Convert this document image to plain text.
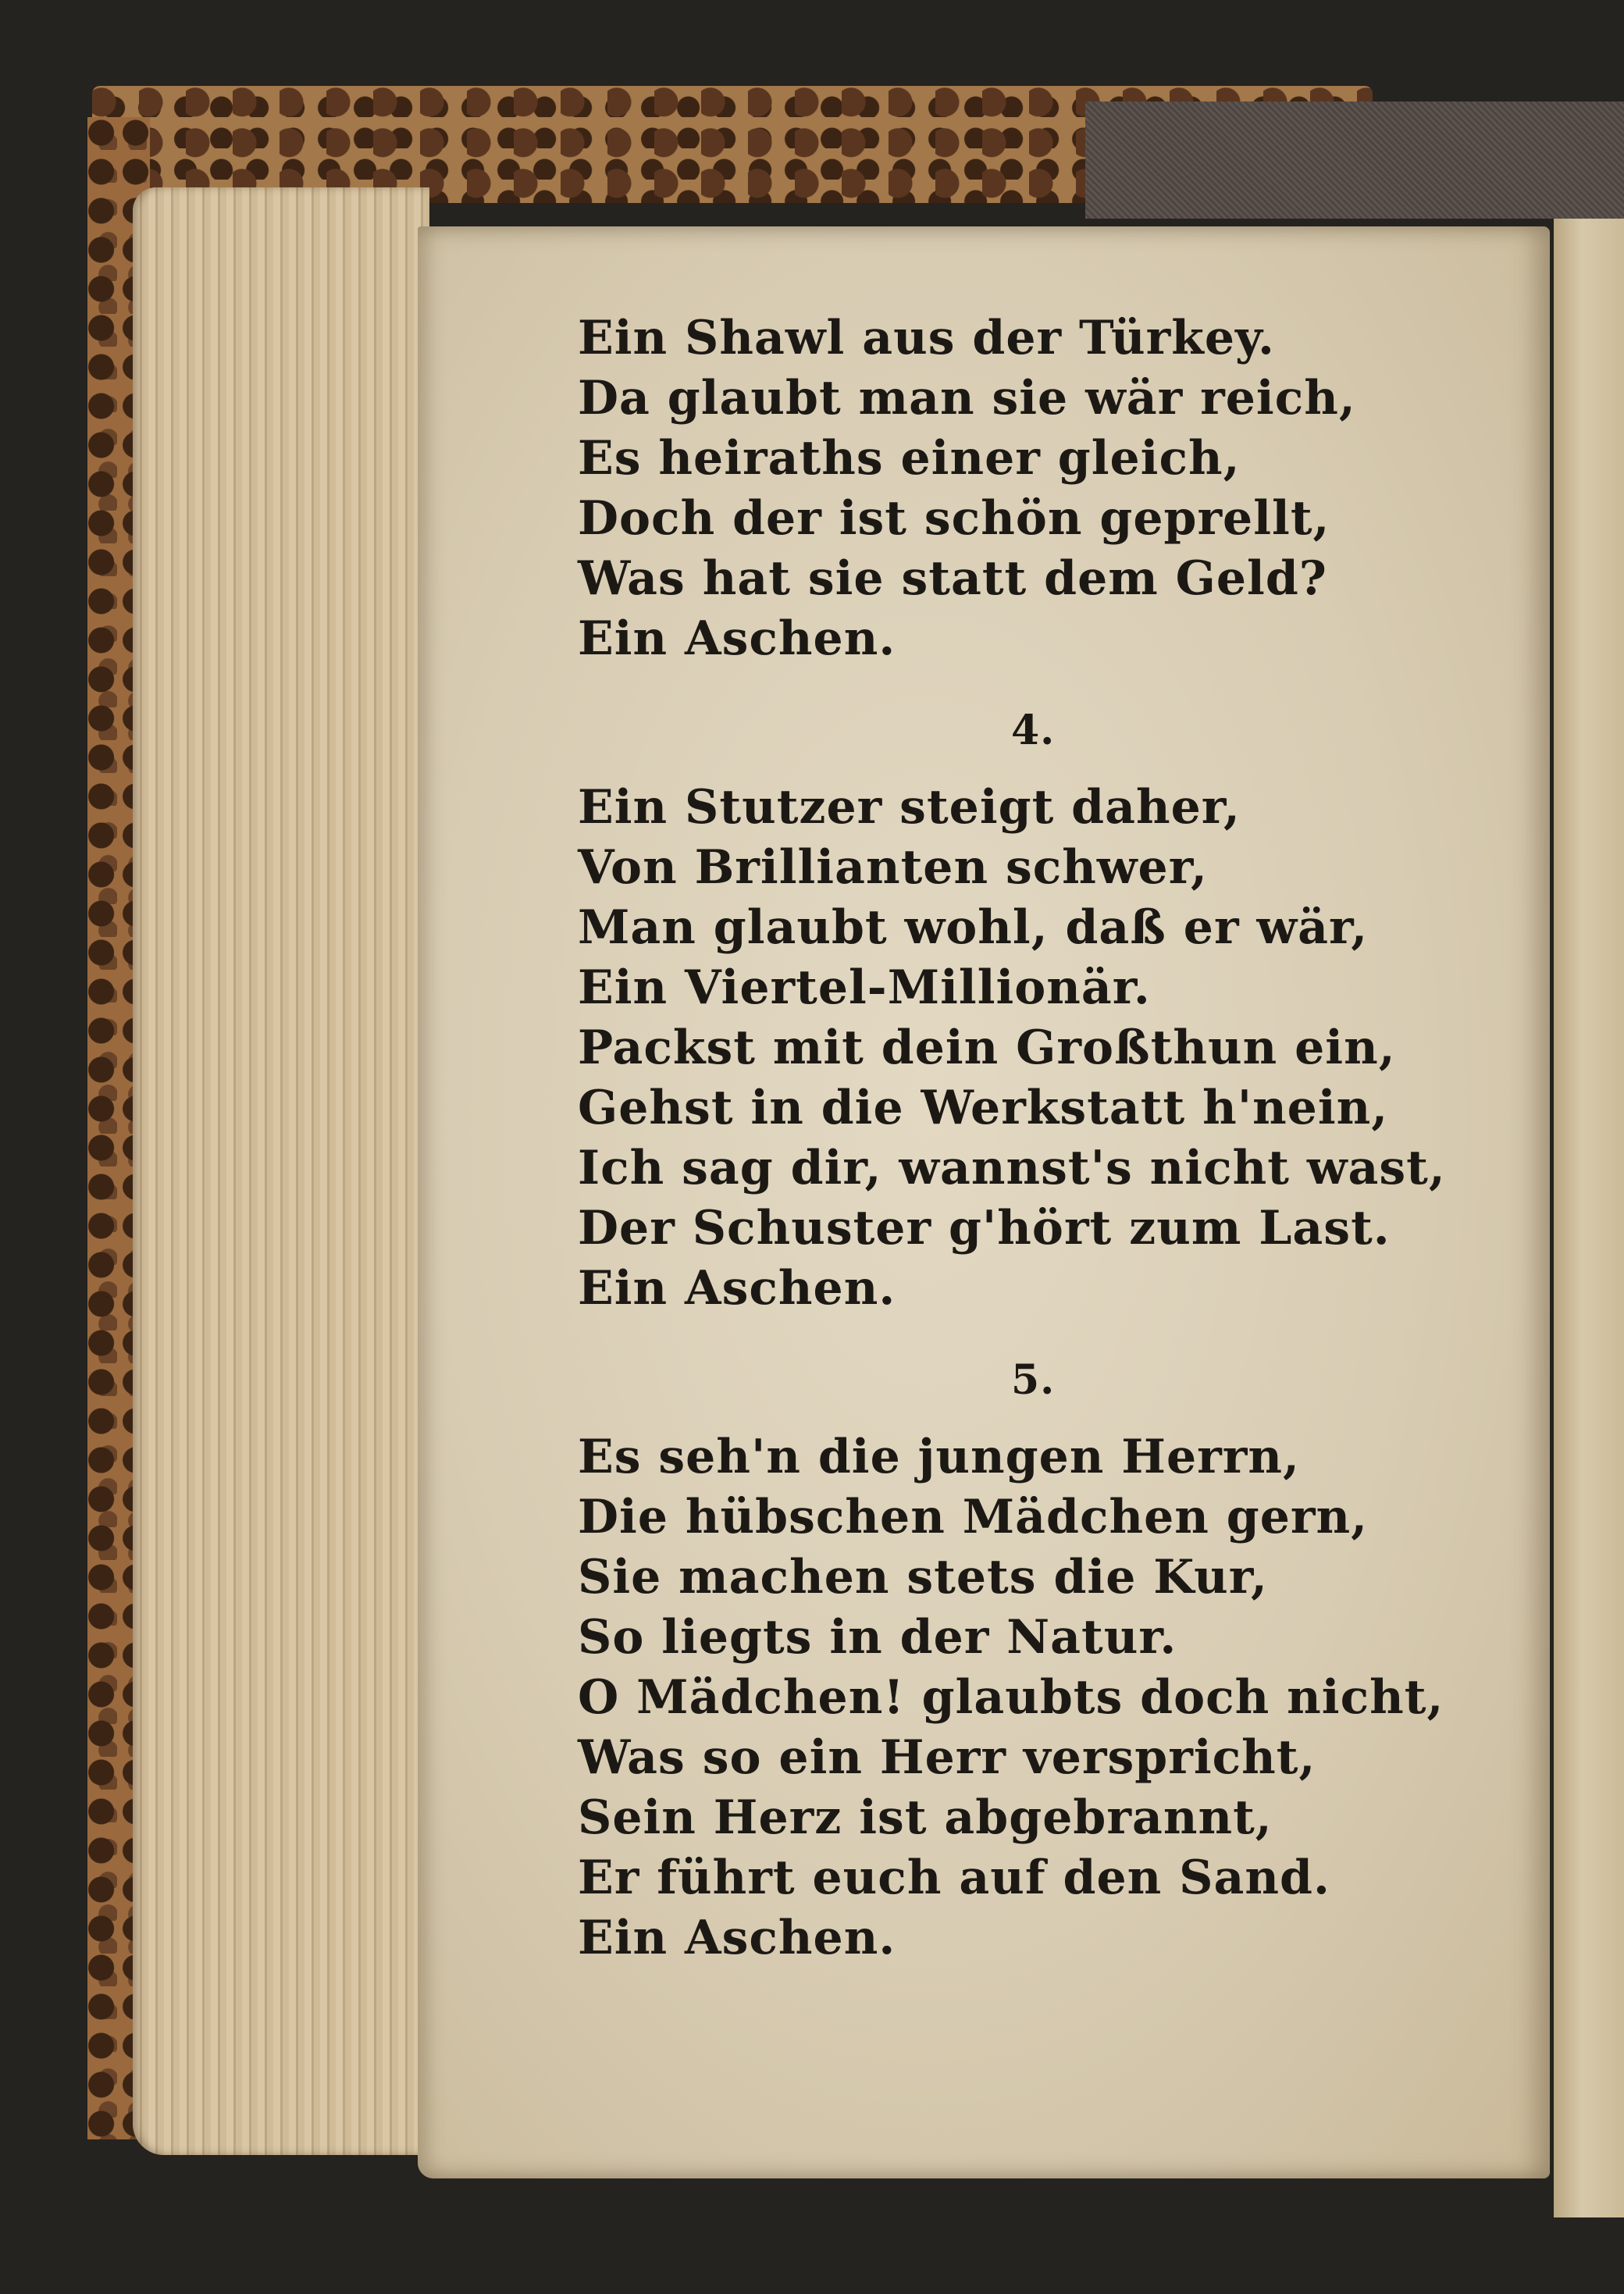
Ein Shawl aus der Türkey.
Da glaubt man sie wär reich,
Es heiraths einer gleich,
Doch der ist schön geprellt,
Was hat sie statt dem Geld?
Ein Aschen.
4.
Ein Stutzer steigt daher,
Von Brillianten schwer,
Man glaubt wohl, daß er wär,
Ein Viertel-Millionär.
Packst mit dein Großthun ein,
Gehst in die Werkstatt h'nein,
Ich sag dir, wannst's nicht wast,
Der Schuster g'hört zum Last.
Ein Aschen.
5.
Es seh'n die jungen Herrn,
Die hübschen Mädchen gern,
Sie machen stets die Kur,
So liegts in der Natur.
O Mädchen! glaubts doch nicht,
Was so ein Herr verspricht,
Sein Herz ist abgebrannt,
Er führt euch auf den Sand.
Ein Aschen.
